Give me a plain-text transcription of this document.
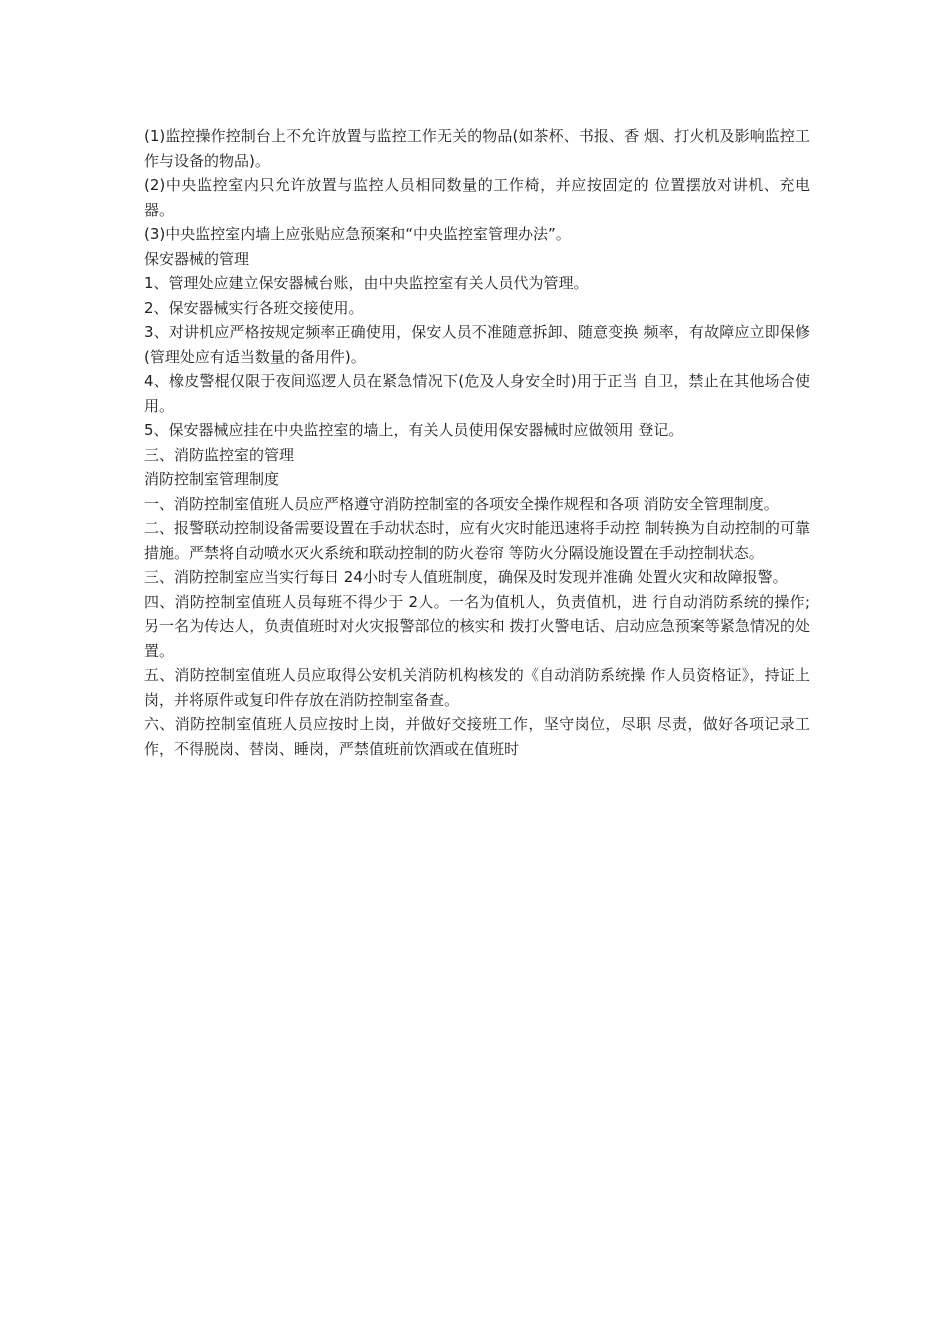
(1)监控操作控制台上不允许放置与监控工作无关的物品(如茶杯、书报、香 烟、打火机及影响监控工作与设备的物品)。

(2)中央监控室内只允许放置与监控人员相同数量的工作椅，并应按固定的 位置摆放对讲机、充电器。

(3)中央监控室内墙上应张贴应急预案和“中央监控室管理办法”。

保安器械的管理

1、管理处应建立保安器械台账，由中央监控室有关人员代为管理。

2、保安器械实行各班交接使用。

3、对讲机应严格按规定频率正确使用，保安人员不准随意拆卸、随意变换 频率，有故障应立即保修(管理处应有适当数量的备用件)。

4、橡皮警棍仅限于夜间巡逻人员在紧急情况下(危及人身安全时)用于正当 自卫，禁止在其他场合使用。

5、保安器械应挂在中央监控室的墙上，有关人员使用保安器械时应做领用 登记。

三、消防监控室的管理

消防控制室管理制度

一、消防控制室值班人员应严格遵守消防控制室的各项安全操作规程和各项 消防安全管理制度。

二、报警联动控制设备需要设置在手动状态时，应有火灾时能迅速将手动控 制转换为自动控制的可靠措施。严禁将自动喷水灭火系统和联动控制的防火卷帘 等防火分隔设施设置在手动控制状态。

三、消防控制室应当实行每日 24小时专人值班制度，确保及时发现并准确 处置火灾和故障报警。

四、消防控制室值班人员每班不得少于 2人。一名为值机人，负责值机，进 行自动消防系统的操作;另一名为传达人，负责值班时对火灾报警部位的核实和 拨打火警电话、启动应急预案等紧急情况的处置。

五、消防控制室值班人员应取得公安机关消防机构核发的《自动消防系统操 作人员资格证》，持证上岗，并将原件或复印件存放在消防控制室备查。

六、消防控制室值班人员应按时上岗，并做好交接班工作，坚守岗位，尽职 尽责，做好各项记录工作，不得脱岗、替岗、睡岗，严禁值班前饮酒或在值班时
